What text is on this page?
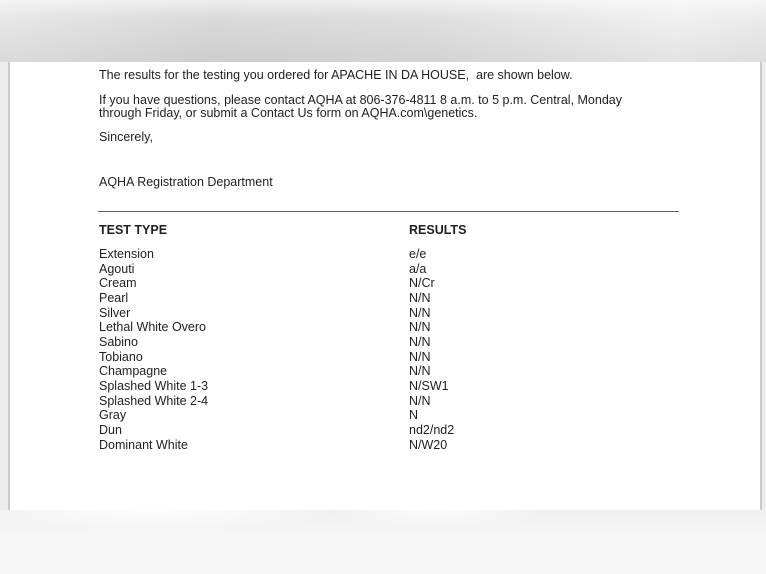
The results for the testing you ordered for APACHE IN DA HOUSE,  are shown below.

If you have questions, please contact AQHA at 806-376-4811 8 a.m. to 5 p.m. Central, Monday
through Friday, or submit a Contact Us form on AQHA.com\genetics.

Sincerely,

AQHA Registration Department

TEST TYPE	RESULTS
Extension	e/e
Agouti	a/a
Cream	N/Cr
Pearl	N/N
Silver	N/N
Lethal White Overo	N/N
Sabino	N/N
Tobiano	N/N
Champagne	N/N
Splashed White 1-3	N/SW1
Splashed White 2-4	N/N
Gray	N
Dun	nd2/nd2
Dominant White	N/W20
